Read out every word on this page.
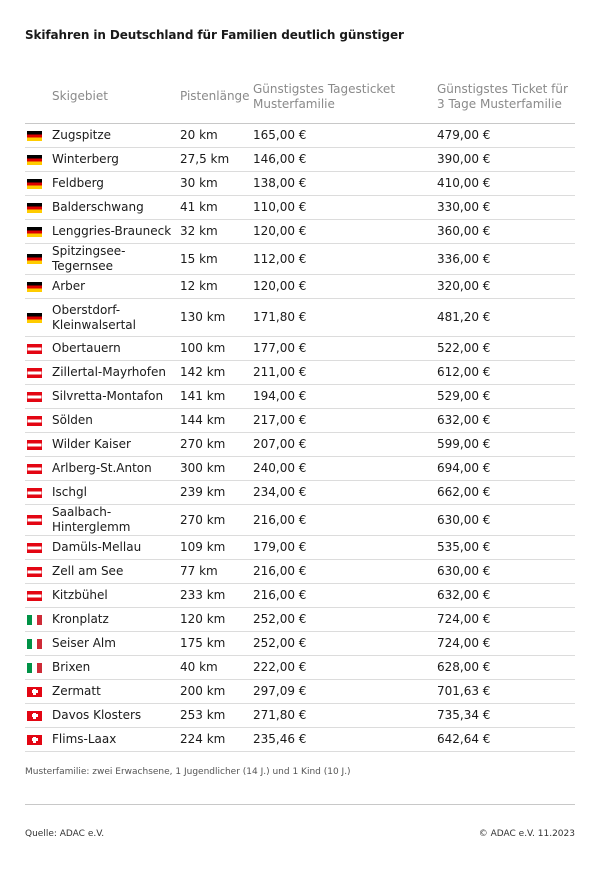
Skifahren in Deutschland für Familien deutlich günstiger
	Skigebiet	Pistenlänge	Günstigstes Tagesticket Musterfamilie	Günstigstes Ticket für 3 Tage Musterfamilie

	Zugspitze	20 km	165,00 €	479,00 €

	Winterberg	27,5 km	146,00 €	390,00 €

	Feldberg	30 km	138,00 €	410,00 €

	Balderschwang	41 km	110,00 €	330,00 €

	Lenggries-Brauneck	32 km	120,00 €	360,00 €

	Spitzingsee-Tegernsee	15 km	112,00 €	336,00 €

	Arber	12 km	120,00 €	320,00 €

	Oberstdorf-Kleinwalsertal	130 km	171,80 €	481,20 €

	Obertauern	100 km	177,00 €	522,00 €

	Zillertal-Mayrhofen	142 km	211,00 €	612,00 €

	Silvretta-Montafon	141 km	194,00 €	529,00 €

	Sölden	144 km	217,00 €	632,00 €

	Wilder Kaiser	270 km	207,00 €	599,00 €

	Arlberg-St.Anton	300 km	240,00 €	694,00 €

	Ischgl	239 km	234,00 €	662,00 €

	Saalbach-Hinterglemm	270 km	216,00 €	630,00 €

	Damüls-Mellau	109 km	179,00 €	535,00 €

	Zell am See	77 km	216,00 €	630,00 €

	Kitzbühel	233 km	216,00 €	632,00 €

	Kronplatz	120 km	252,00 €	724,00 €

	Seiser Alm	175 km	252,00 €	724,00 €

	Brixen	40 km	222,00 €	628,00 €

	Zermatt	200 km	297,09 €	701,63 €

	Davos Klosters	253 km	271,80 €	735,34 €

	Flims-Laax	224 km	235,46 €	642,64 €
Musterfamilie: zwei Erwachsene, 1 Jugendlicher (14 J.) und 1 Kind (10 J.)
Quelle: ADAC e.V.	© ADAC e.V. 11.2023
